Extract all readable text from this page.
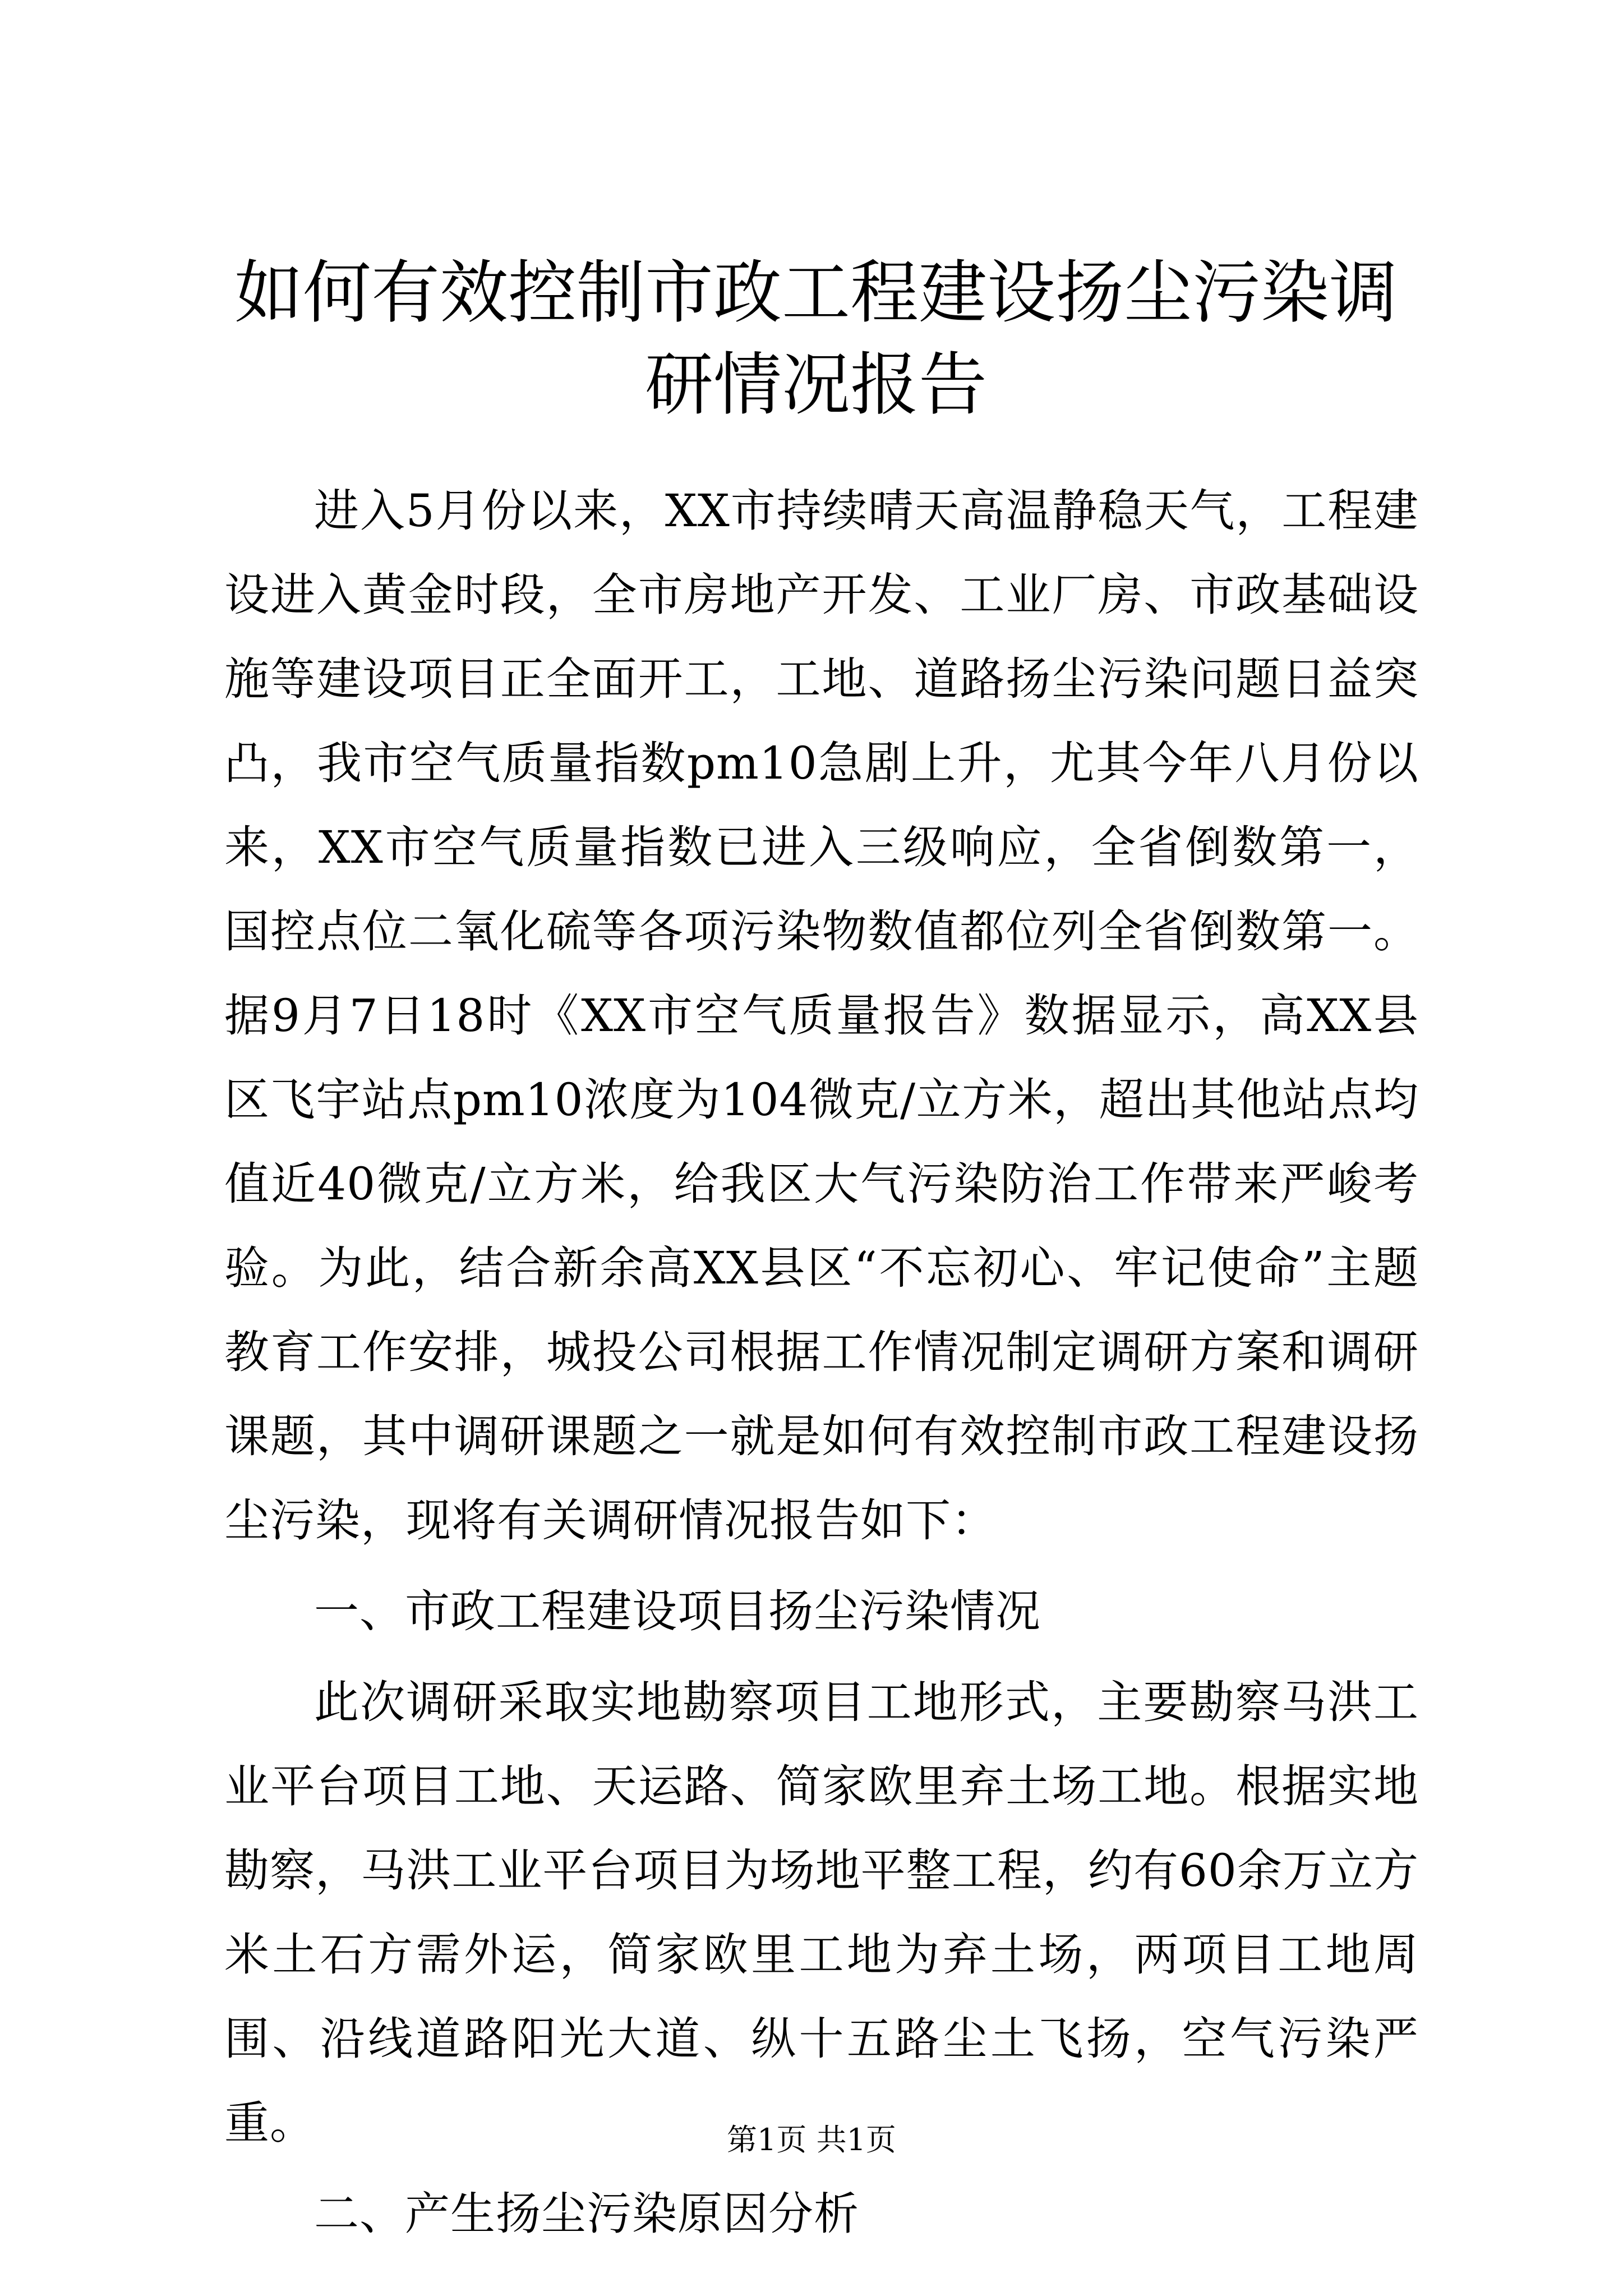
如何有效控制市政工程建设扬尘污染调研情况报告

进入5月份以来，XX市持续晴天高温静稳天气，工程建设进入黄金时段，全市房地产开发、工业厂房、市政基础设施等建设项目正全面开工，工地、道路扬尘污染问题日益突凸，我市空气质量指数pm10急剧上升，尤其今年八月份以来，XX市空气质量指数已进入三级响应，全省倒数第一，国控点位二氧化硫等各项污染物数值都位列全省倒数第一。据9月7日18时《XX市空气质量报告》数据显示，高XX县区飞宇站点pm10浓度为104微克/立方米，超出其他站点均值近40微克/立方米，给我区大气污染防治工作带来严峻考验。为此，结合新余高XX县区“不忘初心、牢记使命”主题教育工作安排，城投公司根据工作情况制定调研方案和调研课题，其中调研课题之一就是如何有效控制市政工程建设扬尘污染，现将有关调研情况报告如下：

一、市政工程建设项目扬尘污染情况

此次调研采取实地勘察项目工地形式，主要勘察马洪工业平台项目工地、天运路、简家欧里弃土场工地。根据实地勘察，马洪工业平台项目为场地平整工程，约有60余万立方米土石方需外运，简家欧里工地为弃土场，两项目工地周围、沿线道路阳光大道、纵十五路尘土飞扬，空气污染严重。

二、产生扬尘污染原因分析

第1页 共1页
